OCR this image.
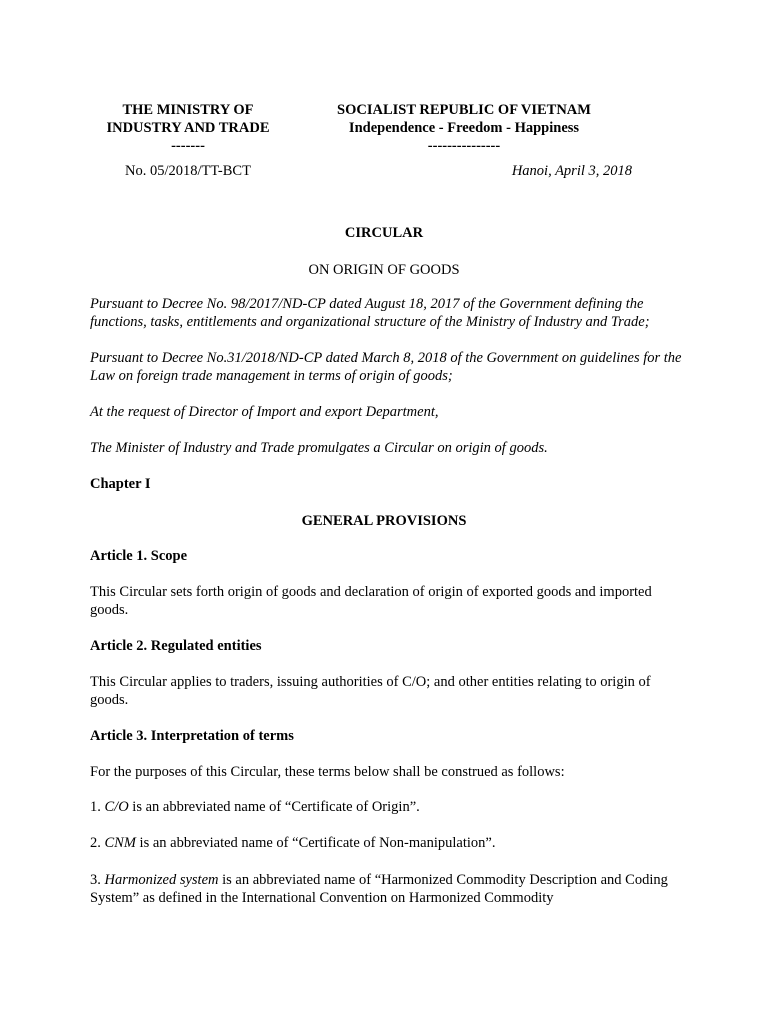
THE MINISTRY OF
INDUSTRY AND TRADE
-------
No. 05/2018/TT-BCT
SOCIALIST REPUBLIC OF VIETNAM
Independence - Freedom - Happiness
---------------
Hanoi, April 3, 2018
CIRCULAR
ON ORIGIN OF GOODS

Pursuant to Decree No. 98/2017/ND-CP dated August 18, 2017 of the Government defining the functions, tasks, entitlements and organizational structure of the Ministry of Industry and Trade;

Pursuant to Decree No.31/2018/ND-CP dated March 8, 2018 of the Government on guidelines for the Law on foreign trade management in terms of origin of goods;

At the request of Director of Import and export Department,

The Minister of Industry and Trade promulgates a Circular on origin of goods.

Chapter I

GENERAL PROVISIONS

Article 1. Scope

This Circular sets forth origin of goods and declaration of origin of exported goods and imported goods.

Article 2. Regulated entities

This Circular applies to traders, issuing authorities of C/O; and other entities relating to origin of goods.

Article 3. Interpretation of terms

For the purposes of this Circular, these terms below shall be construed as follows:

1. C/O is an abbreviated name of “Certificate of Origin”.

2. CNM is an abbreviated name of “Certificate of Non-manipulation”.

3. Harmonized system is an abbreviated name of “Harmonized Commodity Description and Coding System” as defined in the International Convention on Harmonized Commodity
